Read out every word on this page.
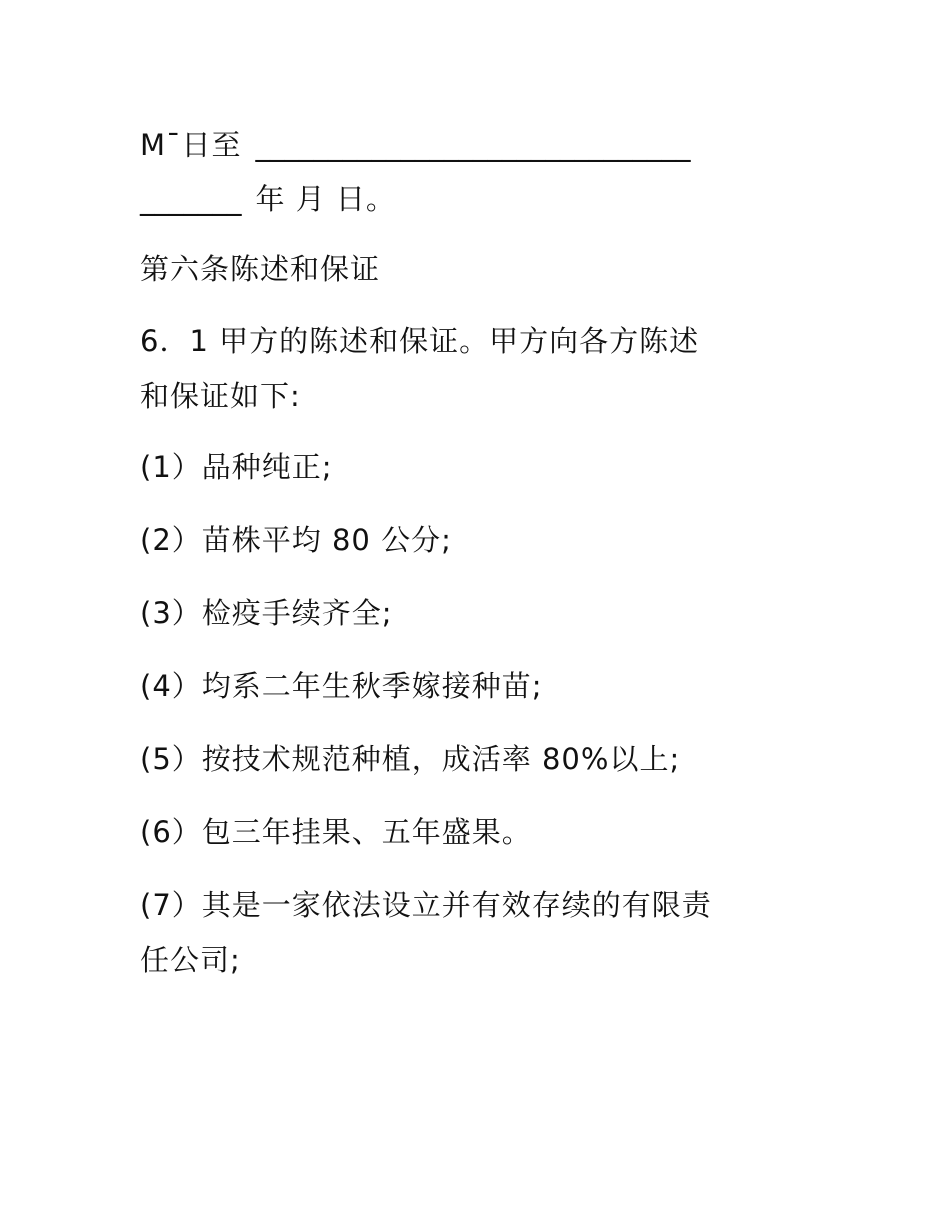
M¯日至 ______________________________
_______ 年 月 日。
第六条陈述和保证
6．1 甲方的陈述和保证。甲方向各方陈述
和保证如下:
(1）品种纯正;
(2）苗株平均 80 公分;
(3）检疫手续齐全;
(4）均系二年生秋季嫁接种苗;
(5）按技术规范种植，成活率 80%以上;
(6）包三年挂果、五年盛果。
(7）其是一家依法设立并有效存续的有限责
任公司;
